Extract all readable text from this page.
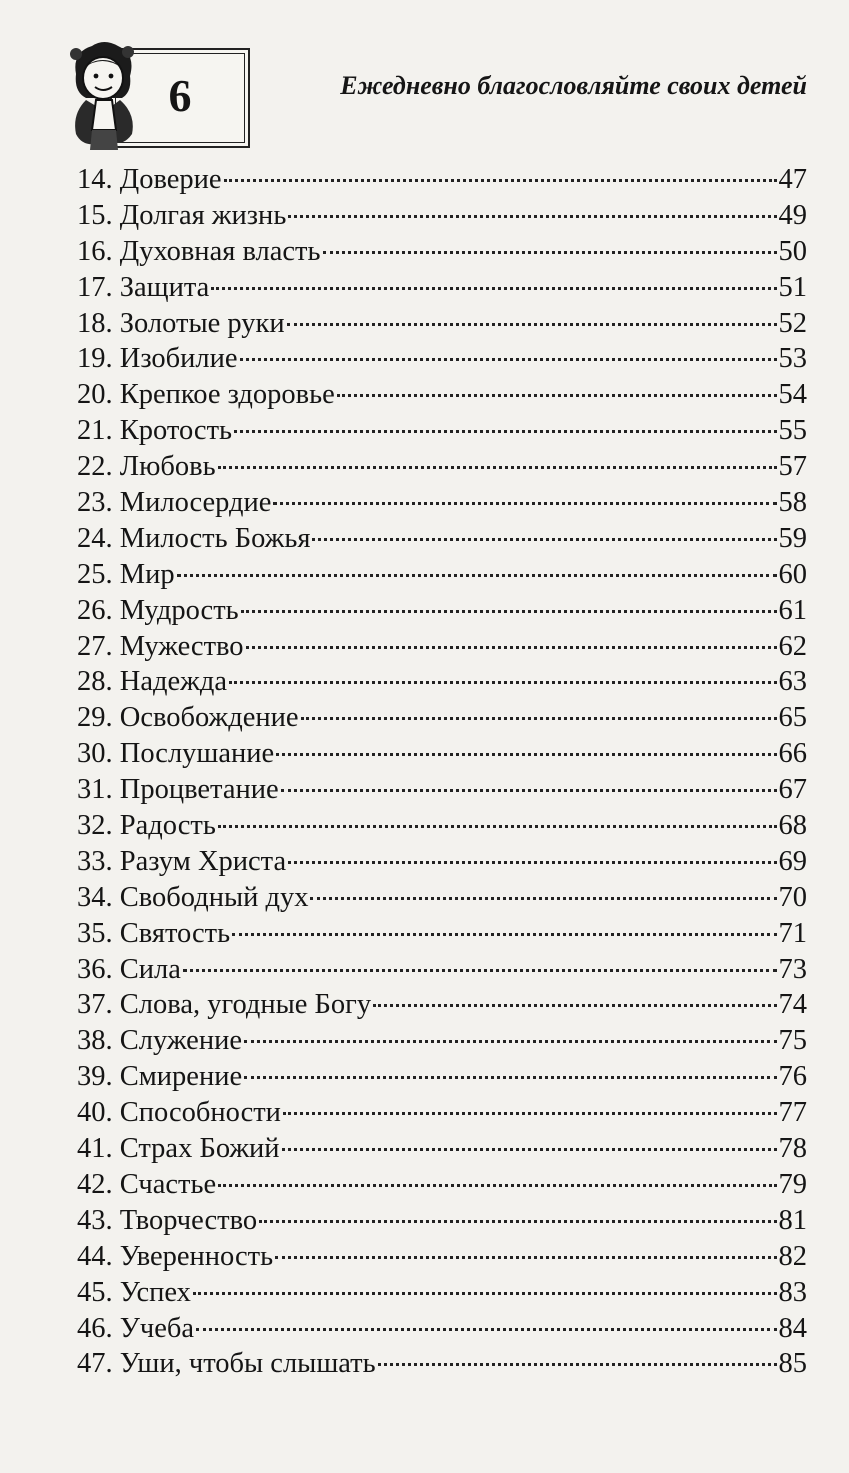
6	Ежедневно благословляйте своих детей
14. Доверие	47
15. Долгая жизнь	49
16. Духовная власть	50
17. Защита	51
18. Золотые руки	52
19. Изобилие	53
20. Крепкое здоровье	54
21. Кротость	55
22. Любовь	57
23. Милосердие	58
24. Милость Божья	59
25. Мир	60
26. Мудрость	61
27. Мужество	62
28. Надежда	63
29. Освобождение	65
30. Послушание	66
31. Процветание	67
32. Радость	68
33. Разум Христа	69
34. Свободный дух	70
35. Святость	71
36. Сила	73
37. Слова, угодные Богу	74
38. Служение	75
39. Смирение	76
40. Способности	77
41. Страх Божий	78
42. Счастье	79
43. Творчество	81
44. Уверенность	82
45. Успех	83
46. Учеба	84
47. Уши, чтобы слышать	85
